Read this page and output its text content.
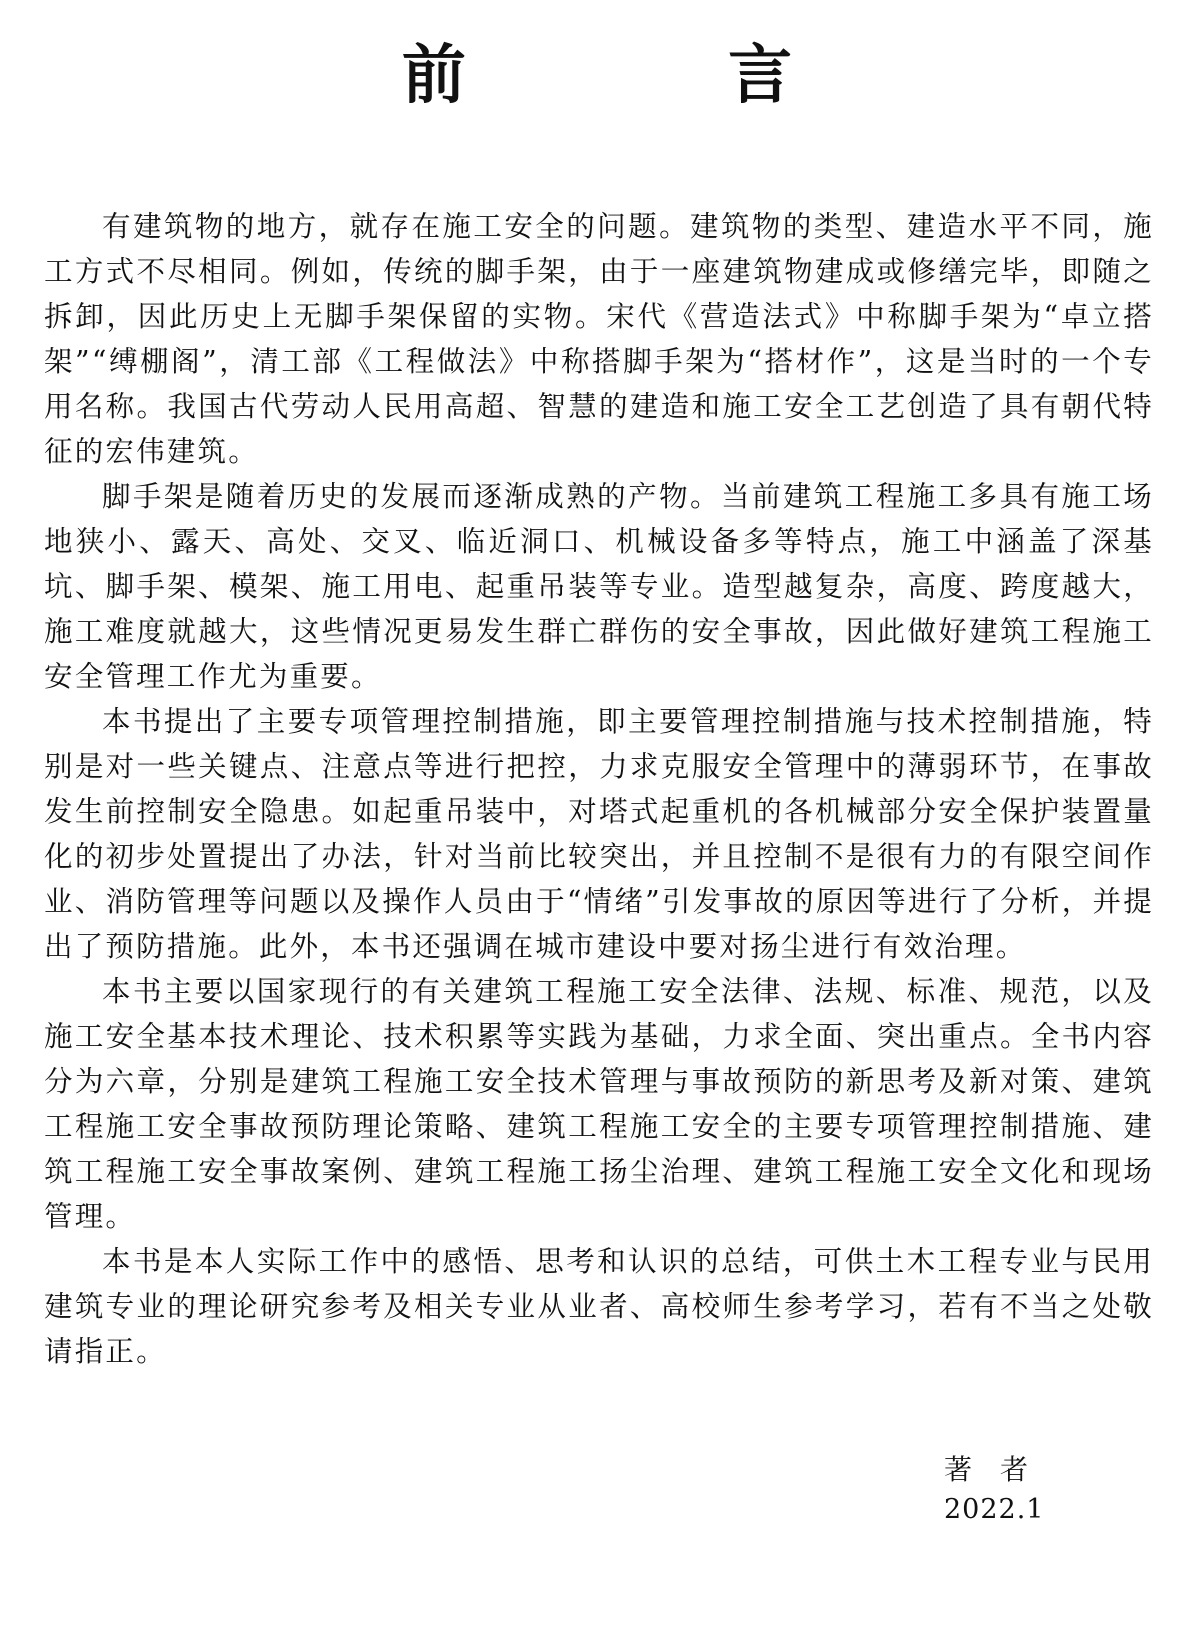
前 言

有建筑物的地方，就存在施工安全的问题。建筑物的类型、建造水平不同，施工方式不尽相同。例如，传统的脚手架，由于一座建筑物建成或修缮完毕，即随之拆卸，因此历史上无脚手架保留的实物。宋代《营造法式》中称脚手架为“卓立搭架”“缚棚阁”，清工部《工程做法》中称搭脚手架为“搭材作”，这是当时的一个专用名称。我国古代劳动人民用高超、智慧的建造和施工安全工艺创造了具有朝代特征的宏伟建筑。

脚手架是随着历史的发展而逐渐成熟的产物。当前建筑工程施工多具有施工场地狭小、露天、高处、交叉、临近洞口、机械设备多等特点，施工中涵盖了深基坑、脚手架、模架、施工用电、起重吊装等专业。造型越复杂，高度、跨度越大，施工难度就越大，这些情况更易发生群亡群伤的安全事故，因此做好建筑工程施工安全管理工作尤为重要。

本书提出了主要专项管理控制措施，即主要管理控制措施与技术控制措施，特别是对一些关键点、注意点等进行把控，力求克服安全管理中的薄弱环节，在事故发生前控制安全隐患。如起重吊装中，对塔式起重机的各机械部分安全保护装置量化的初步处置提出了办法，针对当前比较突出，并且控制不是很有力的有限空间作业、消防管理等问题以及操作人员由于“情绪”引发事故的原因等进行了分析，并提出了预防措施。此外，本书还强调在城市建设中要对扬尘进行有效治理。

本书主要以国家现行的有关建筑工程施工安全法律、法规、标准、规范，以及施工安全基本技术理论、技术积累等实践为基础，力求全面、突出重点。全书内容分为六章，分别是建筑工程施工安全技术管理与事故预防的新思考及新对策、建筑工程施工安全事故预防理论策略、建筑工程施工安全的主要专项管理控制措施、建筑工程施工安全事故案例、建筑工程施工扬尘治理、建筑工程施工安全文化和现场管理。

本书是本人实际工作中的感悟、思考和认识的总结，可供土木工程专业与民用建筑专业的理论研究参考及相关专业从业者、高校师生参考学习，若有不当之处敬请指正。

著者
2022.1
